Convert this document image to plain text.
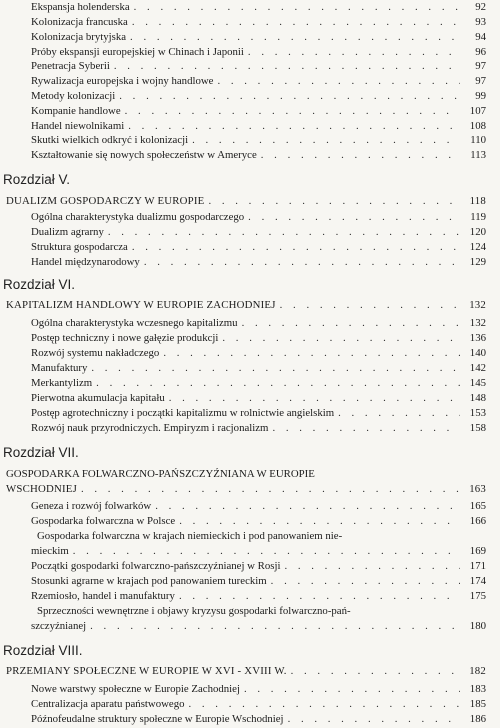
Ekspansja holenderska . . .	92
Kolonizacja francuska . . .	93
Kolonizacja brytyjska . . .	94
Próby ekspansji europejskiej w Chinach i Japonii . . .	96
Penetracja Syberii . . .	97
Rywalizacja europejska i wojny handlowe . . .	97
Metody kolonizacji . . .	99
Kompanie handlowe . . .	107
Handel niewolnikami . . .	108
Skutki wielkich odkryć i kolonizacji . . .	110
Kształtowanie się nowych społeczeństw w Ameryce . . .	113
Rozdział V.
DUALIZM GOSPODARCZY W EUROPIE . . .	118
Ogólna charakterystyka dualizmu gospodarczego . . .	119
Dualizm agrarny . . .	120
Struktura gospodarcza . . .	124
Handel międzynarodowy . . .	129
Rozdział VI.
KAPITALIZM HANDLOWY W EUROPIE ZACHODNIEJ . . .	132
Ogólna charakterystyka wczesnego kapitalizmu . . .	132
Postęp techniczny i nowe gałęzie produkcji . . .	136
Rozwój systemu nakładczego . . .	140
Manufaktury . . .	142
Merkantylizm . . .	145
Pierwotna akumulacja kapitału . . .	148
Postęp agrotechniczny i początki kapitalizmu w rolnictwie angielskim . . .	153
Rozwój nauk przyrodniczych. Empiryzm i racjonalizm . . .	158
Rozdział VII.
GOSPODARKA FOLWARCZNO-PAŃSZCZYŹNIANA W EUROPIE
WSCHODNIEJ . . .	163
Geneza i rozwój folwarków . . .	165
Gospodarka folwarczna w Polsce . . .	166
Gospodarka folwarczna w krajach niemieckich i pod panowaniem nie-
mieckim . . .	169
Początki gospodarki folwarczno-pańszczyźnianej w Rosji . . .	171
Stosunki agrarne w krajach pod panowaniem tureckim . . .	174
Rzemiosło, handel i manufaktury . . .	175
Sprzeczności wewnętrzne i objawy kryzysu gospodarki folwarczno-pań-
szczyźnianej . . .	180
Rozdział VIII.
PRZEMIANY SPOŁECZNE W EUROPIE W XVI - XVIII W. . . .	182
Nowe warstwy społeczne w Europie Zachodniej . . .	183
Centralizacja aparatu państwowego . . .	185
Późnofeudalne struktury społeczne w Europie Wschodniej . . .	186
